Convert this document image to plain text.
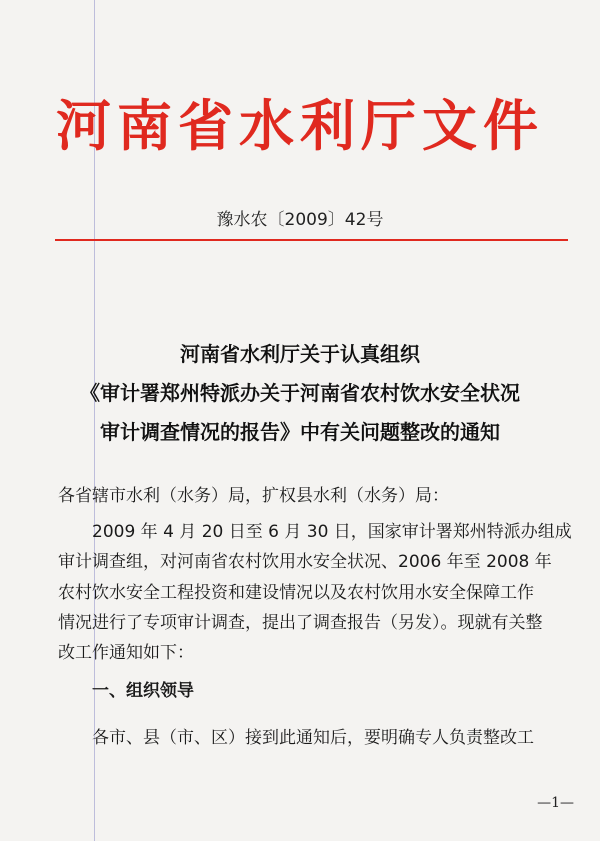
河南省水利厅文件
豫水农〔2009〕42号
河南省水利厅关于认真组织
《审计署郑州特派办关于河南省农村饮水安全状况
审计调查情况的报告》中有关问题整改的通知

各省辖市水利（水务）局，扩权县水利（水务）局：

2009 年 4 月 20 日至 6 月 30 日，国家审计署郑州特派办组成

审计调查组，对河南省农村饮用水安全状况、2006 年至 2008 年

农村饮水安全工程投资和建设情况以及农村饮用水安全保障工作

情况进行了专项审计调查，提出了调查报告（另发）。现就有关整

改工作通知如下：

一、组织领导

各市、县（市、区）接到此通知后，要明确专人负责整改工

—1—
